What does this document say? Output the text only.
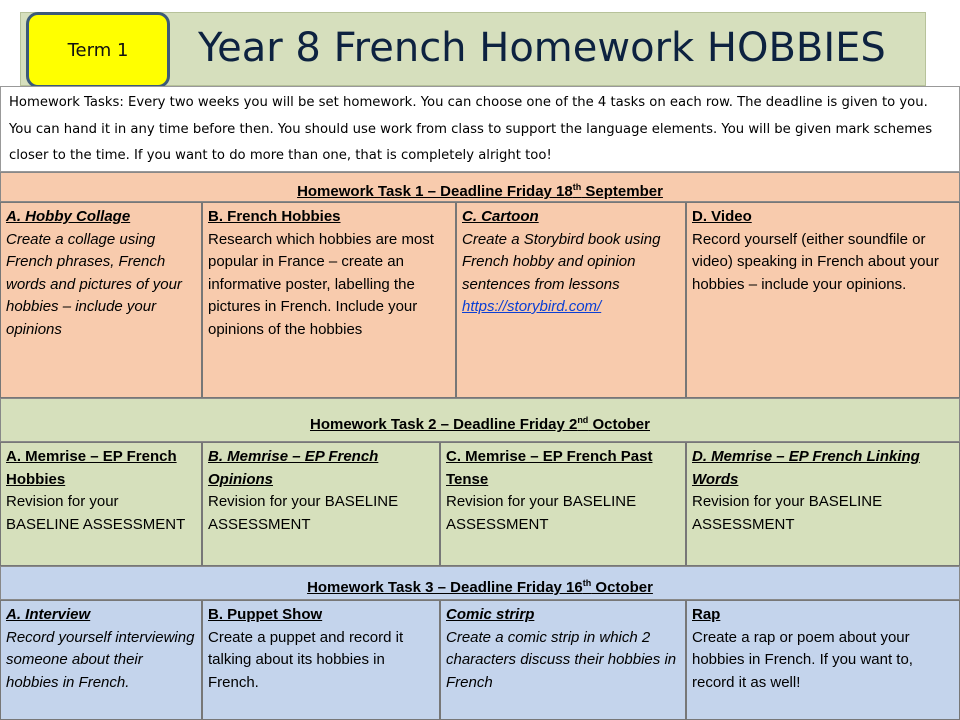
Year 8 French Homework HOBBIES
Term 1
Homework Tasks: Every two weeks you will be set homework. You can choose one of the 4 tasks on each row. The deadline is given to you. You can hand it in any time before then. You should use work from class to support the language elements. You will be given mark schemes closer to the time. If you want to do more than one, that is completely alright too!
Homework Task 1 – Deadline Friday 18th September
A. Hobby Collage
Create a collage using French phrases, French words and pictures of your hobbies – include your opinions
B. French Hobbies
Research which hobbies are most popular in France – create an informative poster, labelling the pictures in French. Include your opinions of the hobbies
C. Cartoon
Create a Storybird book using French hobby and opinion sentences from lessons
https://storybird.com/
D. Video
Record yourself (either soundfile or video) speaking in French about your hobbies – include your opinions.
Homework Task 2 – Deadline Friday 2nd October
A. Memrise – EP French Hobbies
Revision for your BASELINE ASSESSMENT
B. Memrise – EP French Opinions
Revision for your BASELINE ASSESSMENT
C. Memrise – EP French Past Tense
Revision for your BASELINE ASSESSMENT
D. Memrise – EP French Linking Words
Revision for your BASELINE ASSESSMENT
Homework Task 3 – Deadline Friday 16th October
A. Interview
Record yourself interviewing someone about their hobbies in French.
B. Puppet Show
Create a puppet and record it talking about its hobbies in French.
Comic strirp
Create a comic strip in which 2 characters discuss their hobbies in French
Rap
Create a rap or poem about your hobbies in French. If you want to, record it as well!
